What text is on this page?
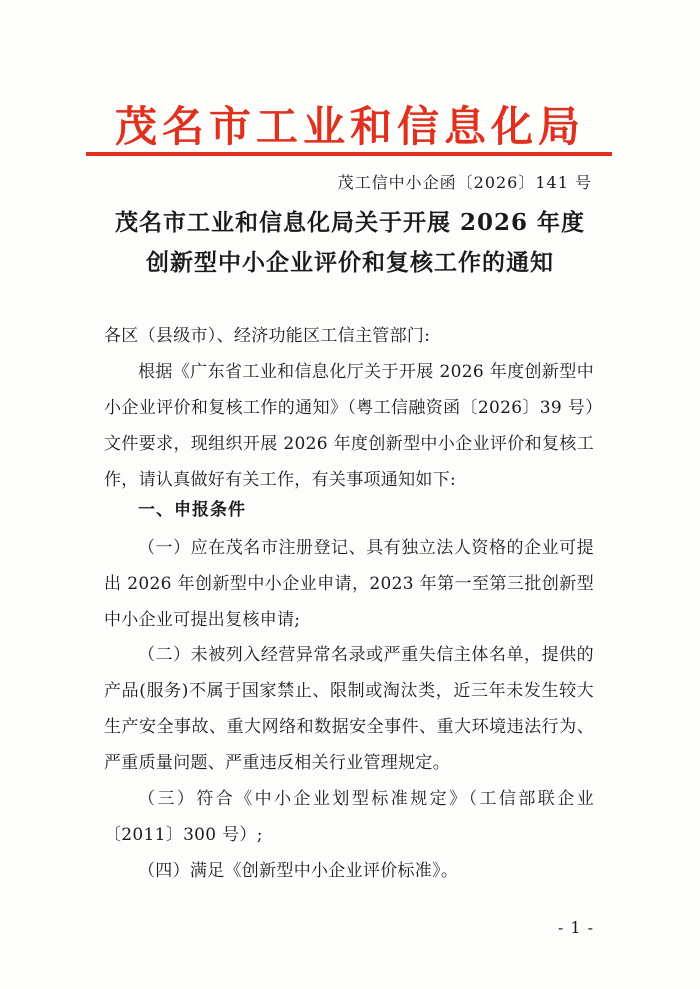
茂名市工业和信息化局
茂工信中小企函〔2026〕141 号
茂名市工业和信息化局关于开展 2026 年度
创新型中小企业评价和复核工作的通知
各区（县级市）、经济功能区工信主管部门:

根据《广东省工业和信息化厅关于开展 2026 年度创新型中小企业评价和复核工作的通知》（粤工信融资函〔2026〕39 号）文件要求，现组织开展 2026 年度创新型中小企业评价和复核工作，请认真做好有关工作，有关事项通知如下:

一、申报条件

（一）应在茂名市注册登记、具有独立法人资格的企业可提出 2026 年创新型中小企业申请，2023 年第一至第三批创新型中小企业可提出复核申请;

（二）未被列入经营异常名录或严重失信主体名单，提供的产品(服务)不属于国家禁止、限制或淘汰类，近三年未发生较大生产安全事故、重大网络和数据安全事件、重大环境违法行为、严重质量问题、严重违反相关行业管理规定。

（三）符合《中小企业划型标准规定》（工信部联企业〔2011〕300 号）;

（四）满足《创新型中小企业评价标准》。

- 1 -
